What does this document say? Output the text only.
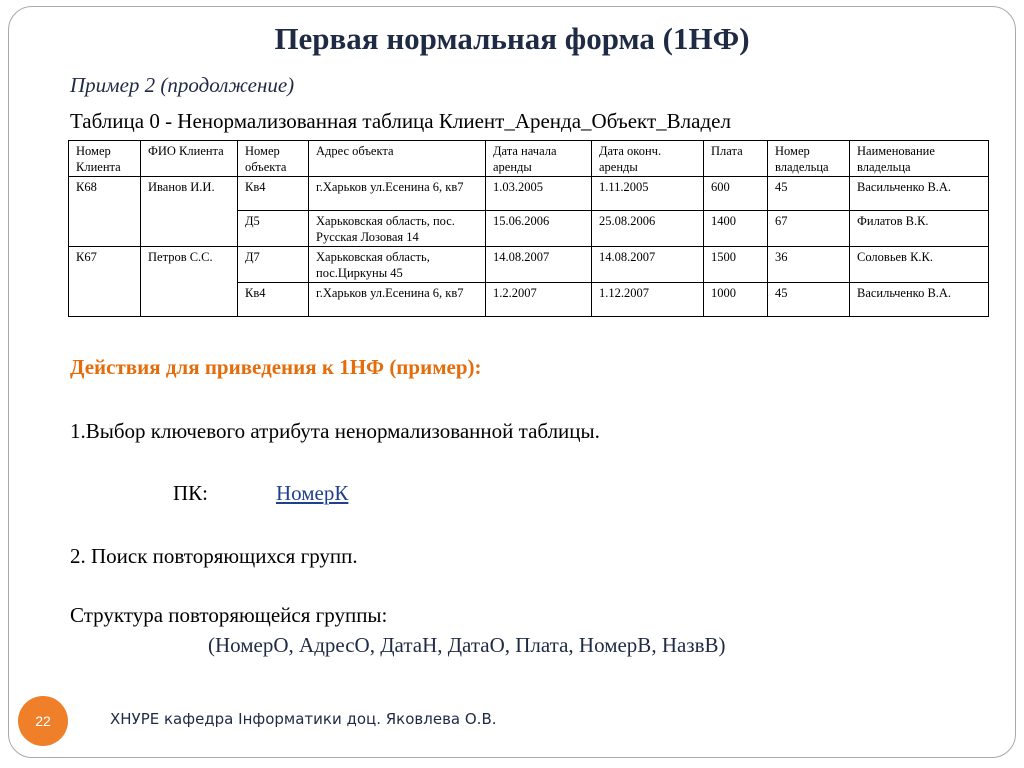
Первая нормальная форма (1НФ)
Пример 2 (продолжение)
Таблица 0 - Ненормализованная таблица Клиент_Аренда_Объект_Владел
Номер Клиента	ФИО Клиента	Номер объекта	Адрес объекта	Дата начала аренды	Дата оконч. аренды	Плата	Номер владельца	Наименование владельца
К68	Иванов И.И.	Кв4	г.Харьков ул.Есенина 6, кв7	1.03.2005	1.11.2005	600	45	Васильченко В.А.
		Д5	Харьковская область, пос. Русская Лозовая 14	15.06.2006	25.08.2006	1400	67	Филатов В.К.
К67	Петров С.С.	Д7	Харьковская область, пос.Циркуны 45	14.08.2007	14.08.2007	1500	36	Соловьев К.К.
		Кв4	г.Харьков ул.Есенина 6, кв7	1.2.2007	1.12.2007	1000	45	Васильченко В.А.
Действия для приведения к 1НФ (пример):
1.Выбор ключевого атрибута ненормализованной таблицы.
ПК:	НомерК
2. Поиск повторяющихся групп.
Структура повторяющейся группы:
(НомерО, АдресО, ДатаН, ДатаО, Плата, НомерВ, НазвВ)
22	ХНУРЕ кафедра Інформатики доц. Яковлева О.В.
